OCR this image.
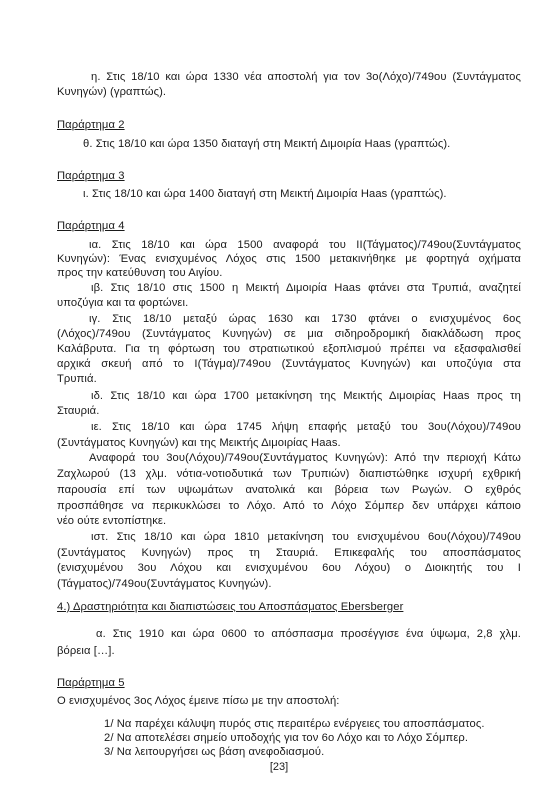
η. Στις 18/10 και ώρα 1330 νέα αποστολή για τον 3ο(Λόχο)/749ου (Συντάγματος
Κυνηγών) (γραπτώς).
Παράρτημα 2
θ. Στις 18/10 και ώρα 1350 διαταγή στη Μεικτή Διμοιρία Haas (γραπτώς).
Παράρτημα 3
ι. Στις 18/10 και ώρα 1400 διαταγή στη Μεικτή Διμοιρία Haas (γραπτώς).
Παράρτημα 4
ια. Στις 18/10 και ώρα 1500 αναφορά του ΙΙ(Τάγματος)/749ου(Συντάγματος
Κυνηγών): Ένας ενισχυμένος Λόχος στις 1500 μετακινήθηκε με φορτηγά οχήματα
προς την κατεύθυνση του Αιγίου.
ιβ. Στις 18/10 στις 1500 η Μεικτή Διμοιρία Haas φτάνει στα Τρυπιά, αναζητεί
υποζύγια και τα φορτώνει.
ιγ. Στις 18/10 μεταξύ ώρας 1630 και 1730 φτάνει ο ενισχυμένος 6ος
(Λόχος)/749ου (Συντάγματος Κυνηγών) σε μια σιδηροδρομική διακλάδωση προς
Καλάβρυτα. Για τη φόρτωση του στρατιωτικού εξοπλισμού πρέπει να εξασφαλισθεί
αρχικά σκευή από το Ι(Τάγμα)/749ου (Συντάγματος Κυνηγών) και υποζύγια στα
Τρυπιά.
ιδ. Στις 18/10 και ώρα 1700 μετακίνηση της Μεικτής Διμοιρίας Haas προς τη
Σταυριά.
ιε. Στις 18/10 και ώρα 1745 λήψη επαφής μεταξύ του 3ου(Λόχου)/749ου
(Συντάγματος Κυνηγών) και της Μεικτής Διμοιρίας Haas.
Αναφορά του 3ου(Λόχου)/749ου(Συντάγματος Κυνηγών): Από την περιοχή Κάτω
Ζαχλωρού (13 χλμ. νότια-νοτιοδυτικά των Τρυπιών) διαπιστώθηκε ισχυρή εχθρική
παρουσία επί των υψωμάτων ανατολικά και βόρεια των Ρωγών. Ο εχθρός
προσπάθησε να περικυκλώσει το Λόχο. Από το Λόχο Σόμπερ δεν υπάρχει κάποιο
νέο ούτε εντοπίστηκε.
ιστ. Στις 18/10 και ώρα 1810 μετακίνηση του ενισχυμένου 6ου(Λόχου)/749ου
(Συντάγματος Κυνηγών) προς τη Σταυριά. Επικεφαλής του αποσπάσματος
(ενισχυμένου 3ου Λόχου και ενισχυμένου 6ου Λόχου) ο Διοικητής του Ι
(Τάγματος)/749ου(Συντάγματος Κυνηγών).
4.) Δραστηριότητα και διαπιστώσεις του Αποσπάσματος Ebersberger
α. Στις 1910 και ώρα 0600 το απόσπασμα προσέγγισε ένα ύψωμα, 2,8 χλμ.
βόρεια […].
Παράρτημα 5
Ο ενισχυμένος 3ος Λόχος έμεινε πίσω με την αποστολή:
1/ Να παρέχει κάλυψη πυρός στις περαιτέρω ενέργειες του αποσπάσματος.
2/ Να αποτελέσει σημείο υποδοχής για τον 6ο Λόχο και το Λόχο Σόμπερ.
3/ Να λειτουργήσει ως βάση ανεφοδιασμού.
[23]
